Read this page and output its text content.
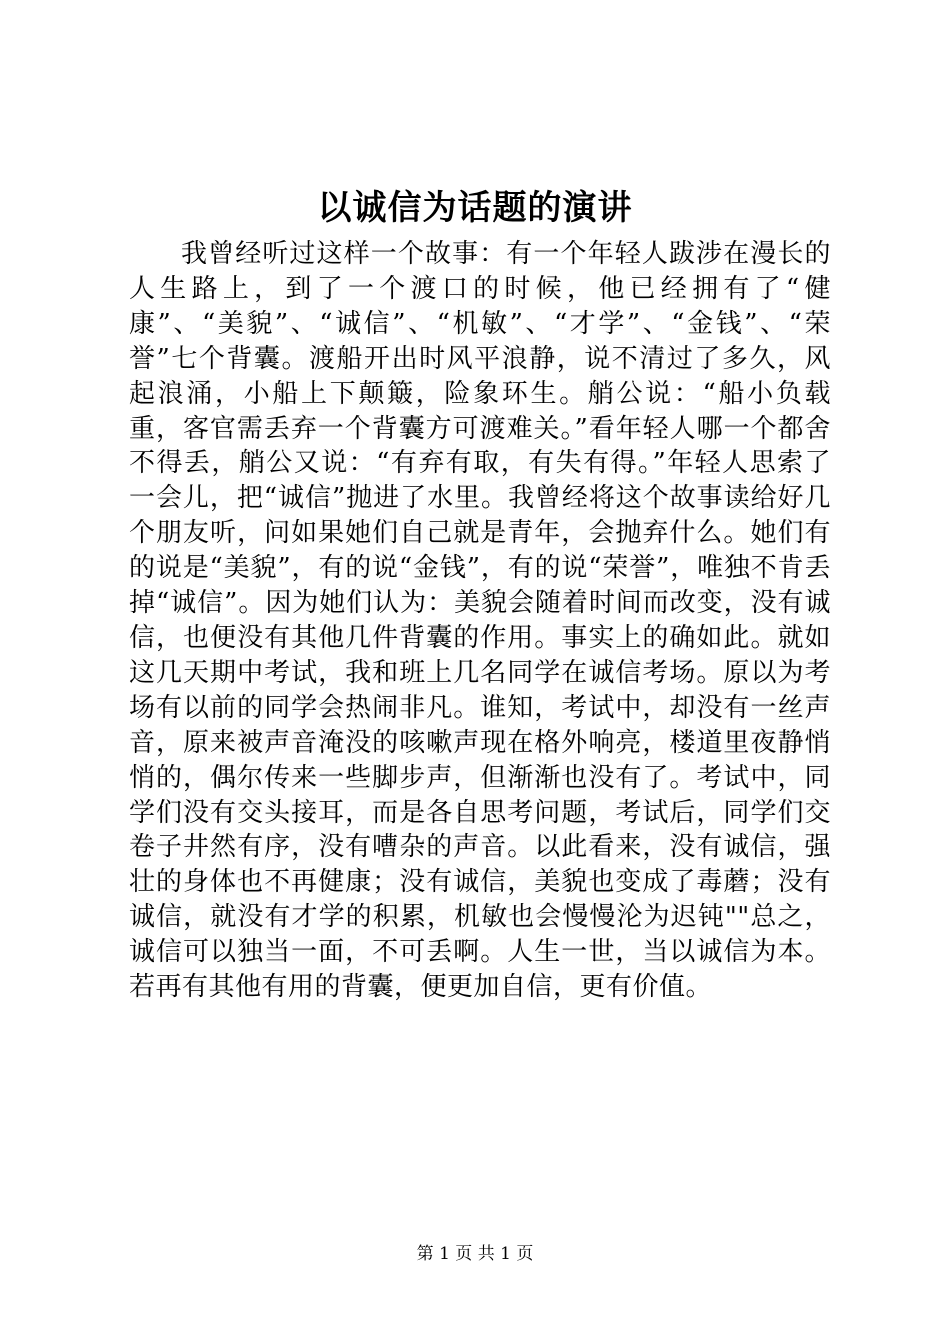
以诚信为话题的演讲

我曾经听过这样一个故事：有一个年轻人跋涉在漫长的人生路上，到了一个渡口的时候，他已经拥有了“健康”、“美貌”、“诚信”、“机敏”、“才学”、“金钱”、“荣誉”七个背囊。渡船开出时风平浪静，说不清过了多久，风起浪涌，小船上下颠簸，险象环生。艄公说：“船小负载重，客官需丢弃一个背囊方可渡难关。”看年轻人哪一个都舍不得丢，艄公又说：“有弃有取，有失有得。”年轻人思索了一会儿，把“诚信”抛进了水里。我曾经将这个故事读给好几个朋友听，问如果她们自己就是青年，会抛弃什么。她们有的说是“美貌”，有的说“金钱”，有的说“荣誉”，唯独不肯丢掉“诚信”。因为她们认为：美貌会随着时间而改变，没有诚信，也便没有其他几件背囊的作用。事实上的确如此。就如这几天期中考试，我和班上几名同学在诚信考场。原以为考场有以前的同学会热闹非凡。谁知，考试中，却没有一丝声音，原来被声音淹没的咳嗽声现在格外响亮，楼道里夜静悄悄的，偶尔传来一些脚步声，但渐渐也没有了。考试中，同学们没有交头接耳，而是各自思考问题，考试后，同学们交卷子井然有序，没有嘈杂的声音。以此看来，没有诚信，强壮的身体也不再健康；没有诚信，美貌也变成了毒蘑；没有诚信，就没有才学的积累，机敏也会慢慢沦为迟钝""总之，诚信可以独当一面，不可丢啊。人生一世，当以诚信为本。若再有其他有用的背囊，便更加自信，更有价值。

第 1 页 共 1 页
